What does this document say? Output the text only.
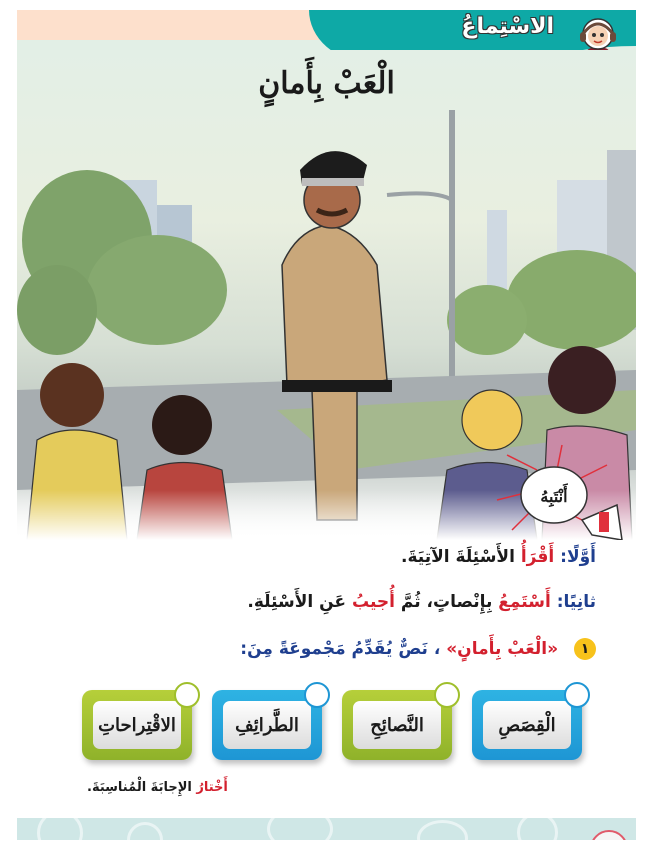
الاسْتِماعُ
أَنْتَبِهُ
الْعَبْ بِأَمانٍ
أَوَّلًا: أَقْرَأُ الأَسْئِلَةَ الآتِيَةَ.
ثانِيًا: أَسْتَمِعُ بِإِنْصاتٍ، ثُمَّ أُجيبُ عَنِ الأَسْئِلَةِ.
١ «الْعَبْ بِأَمانٍ» ، نَصٌّ يُقَدِّمُ مَجْموعَةً مِنَ:
الْقِصَصِ
النَّصائِحِ
الطَّرائِفِ
الاقْتِراحاتِ
أَخْتارُ الإِجابَةَ الْمُناسِبَةَ.
